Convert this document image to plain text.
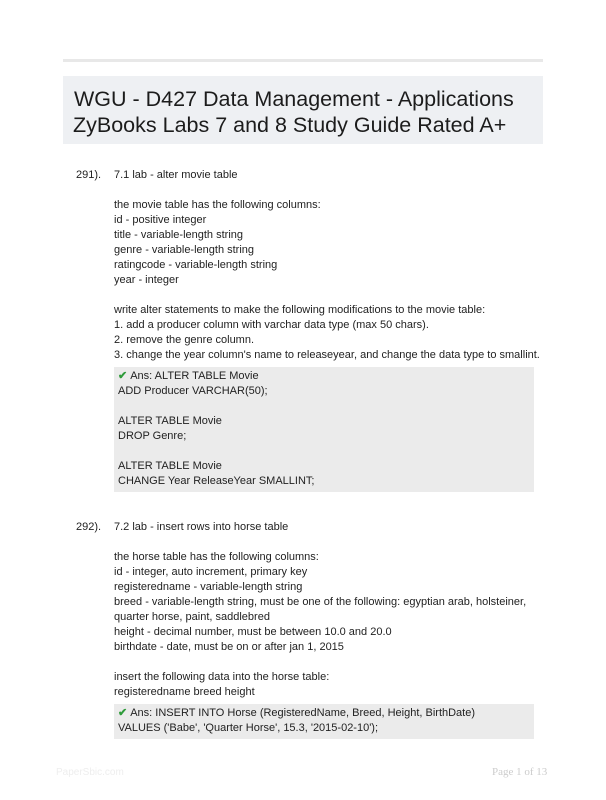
WGU - D427 Data Management - Applications
ZyBooks Labs 7 and 8 Study Guide Rated A+
291). 7.1 lab - alter movie table
the movie table has the following columns:
id - positive integer
title - variable-length string
genre - variable-length string
ratingcode - variable-length string
year - integer
write alter statements to make the following modifications to the movie table:
1. add a producer column with varchar data type (max 50 chars).
2. remove the genre column.
3. change the year column's name to releaseyear, and change the data type to smallint.
✔ Ans: ALTER TABLE Movie
ADD Producer VARCHAR(50);
ALTER TABLE Movie
DROP Genre;
ALTER TABLE Movie
CHANGE Year ReleaseYear SMALLINT;
292). 7.2 lab - insert rows into horse table
the horse table has the following columns:
id - integer, auto increment, primary key
registeredname - variable-length string
breed - variable-length string, must be one of the following: egyptian arab, holsteiner,
quarter horse, paint, saddlebred
height - decimal number, must be between 10.0 and 20.0
birthdate - date, must be on or after jan 1, 2015
insert the following data into the horse table:
registeredname breed height
✔ Ans: INSERT INTO Horse (RegisteredName, Breed, Height, BirthDate)
VALUES ('Babe', 'Quarter Horse', 15.3, '2015-02-10');
PaperSbic.com	Page 1 of 13
